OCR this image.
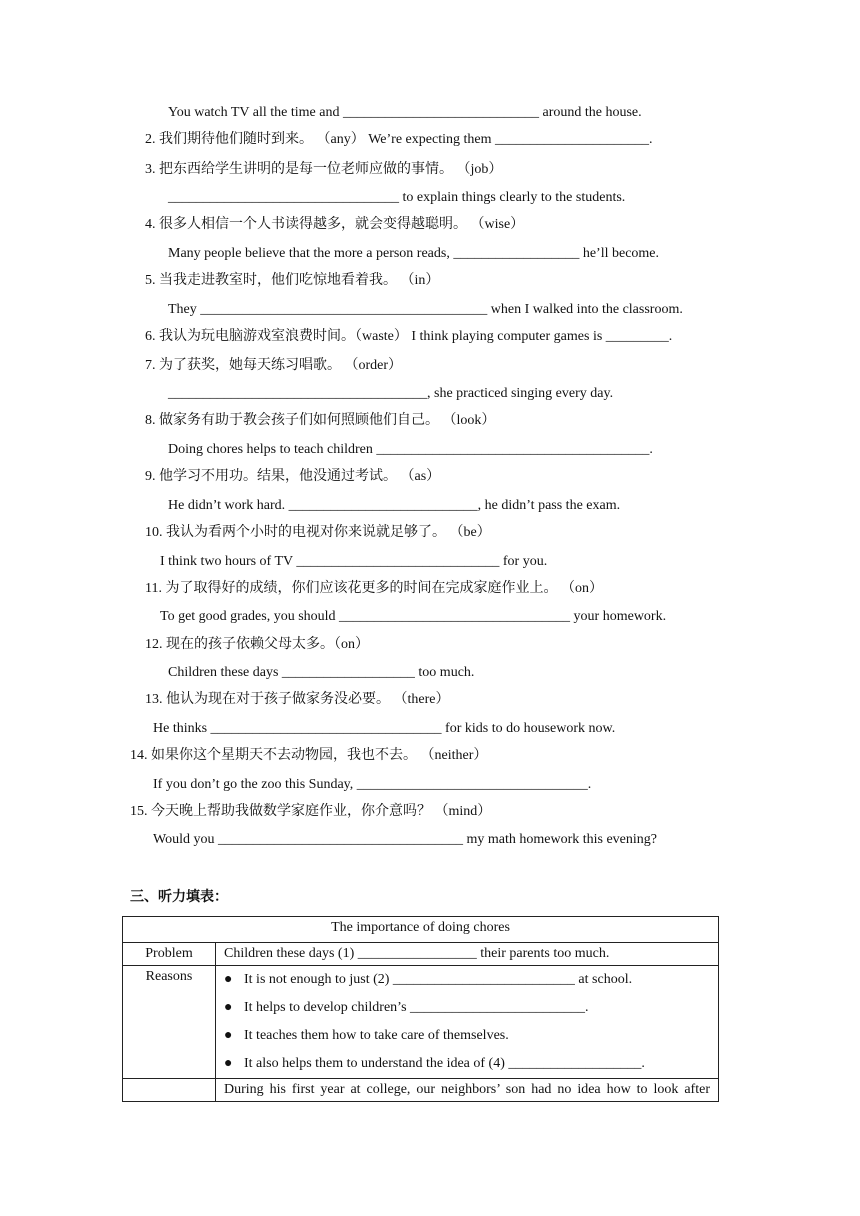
You watch TV all the time and ____________________________ around the house.
2. 我们期待他们随时到来。 （any） We’re expecting them ______________________.
3. 把东西给学生讲明的是每一位老师应做的事情。 （job）
_________________________________ to explain things clearly to the students.
4. 很多人相信一个人书读得越多，就会变得越聪明。 （wise）
Many people believe that the more a person reads, __________________ he’ll become.
5. 当我走进教室时，他们吃惊地看着我。 （in）
They _________________________________________ when I walked into the classroom.
6. 我认为玩电脑游戏室浪费时间。（waste） I think playing computer games is _________.
7. 为了获奖，她每天练习唱歌。 （order）
_____________________________________, she practiced singing every day.
8. 做家务有助于教会孩子们如何照顾他们自己。 （look）
Doing chores helps to teach children _______________________________________.
9. 他学习不用功。结果，他没通过考试。 （as）
He didn’t work hard. ___________________________, he didn’t pass the exam.
10. 我认为看两个小时的电视对你来说就足够了。 （be）
I think two hours of TV _____________________________ for you.
11. 为了取得好的成绩，你们应该花更多的时间在完成家庭作业上。 （on）
To get good grades, you should _________________________________ your homework.
12. 现在的孩子依赖父母太多。（on）
Children these days ___________________ too much.
13. 他认为现在对于孩子做家务没必要。 （there）
He thinks _________________________________ for kids to do housework now.
14. 如果你这个星期天不去动物园，我也不去。 （neither）
If you don’t go the zoo this Sunday, _________________________________.
15. 今天晚上帮助我做数学家庭作业，你介意吗？ （mind）
Would you ___________________________________ my math homework this evening?
三、听力填表：
The importance of doing chores	
Problem	Children these days (1) _________________ their parents too much.
Reasons	● It is not enough to just (2) __________________________ at school.
● It helps to develop children’s _________________________.
● It teaches them how to take care of themselves.
● It also helps them to understand the idea of (4) ___________________.

	During his first year at college, our neighbors’ son had no idea how to look after
